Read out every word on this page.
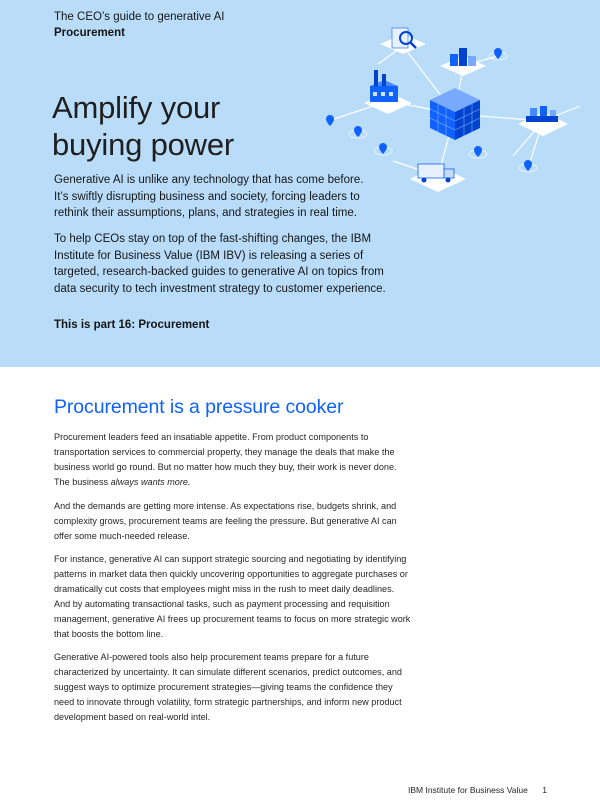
The CEO’s guide to generative AI
Procurement
Amplify your
buying power

Generative AI is unlike any technology that has come before. It’s swiftly disrupting business and society, forcing leaders to rethink their assumptions, plans, and strategies in real time.

To help CEOs stay on top of the fast-shifting changes, the IBM Institute for Business Value (IBM IBV) is releasing a series of targeted, research-backed guides to generative AI on topics from data security to tech investment strategy to customer experience.

This is part 16: Procurement

Procurement is a pressure cooker

Procurement leaders feed an insatiable appetite. From product components to transportation services to commercial property, they manage the deals that make the business world go round. But no matter how much they buy, their work is never done. The business always wants more.

And the demands are getting more intense. As expectations rise, budgets shrink, and complexity grows, procurement teams are feeling the pressure. But generative AI can offer some much-needed release.

For instance, generative AI can support strategic sourcing and negotiating by identifying patterns in market data then quickly uncovering opportunities to aggregate purchases or dramatically cut costs that employees might miss in the rush to meet daily deadlines. And by automating transactional tasks, such as payment processing and requisition management, generative AI frees up procurement teams to focus on more strategic work that boosts the bottom line.

Generative AI-powered tools also help procurement teams prepare for a future characterized by uncertainty. It can simulate different scenarios, predict outcomes, and suggest ways to optimize procurement strategies—giving teams the confidence they need to innovate through volatility, form strategic partnerships, and inform new product development based on real-world intel.

IBM Institute for Business Value 1
